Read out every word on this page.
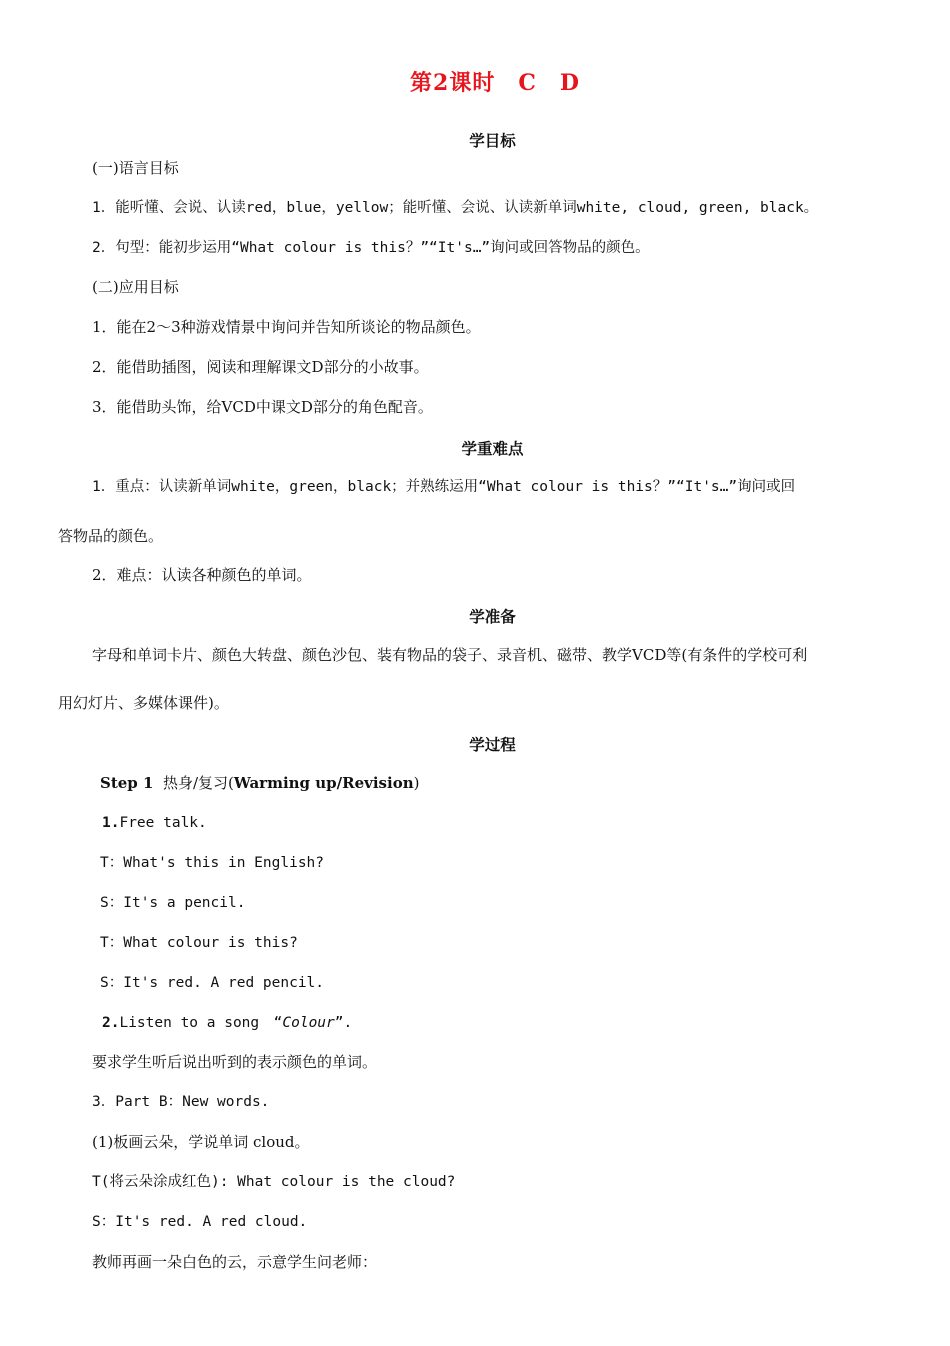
第2课时　C　D
学目标
(一)语言目标
1．能听懂、会说、认读red，blue，yellow；能听懂、会说、认读新单词white, cloud, green, black。
2．句型：能初步运用“What colour is this？”“It's…”询问或回答物品的颜色。
(二)应用目标
1．能在2～3种游戏情景中询问并告知所谈论的物品颜色。
2．能借助插图，阅读和理解课文D部分的小故事。
3．能借助头饰，给VCD中课文D部分的角色配音。
学重难点
1．重点：认读新单词white，green，black；并熟练运用“What colour is this？”“It's…”询问或回
答物品的颜色。
2．难点：认读各种颜色的单词。
学准备
字母和单词卡片、颜色大转盘、颜色沙包、装有物品的袋子、录音机、磁带、教学VCD等(有条件的学校可利
用幻灯片、多媒体课件)。
学过程
Step 1 热身/复习(Warming up/Revision)
1.Free talk.
T：What's this in English?
S：It's a pencil.
T：What colour is this?
S：It's red. A red pencil.
2.Listen to a song　“Colour”.
要求学生听后说出听到的表示颜色的单词。
3．Part B：New words.
(1)板画云朵，学说单词 cloud。
T(将云朵涂成红色): What colour is the cloud?
S：It's red. A red cloud.
教师再画一朵白色的云，示意学生问老师：
